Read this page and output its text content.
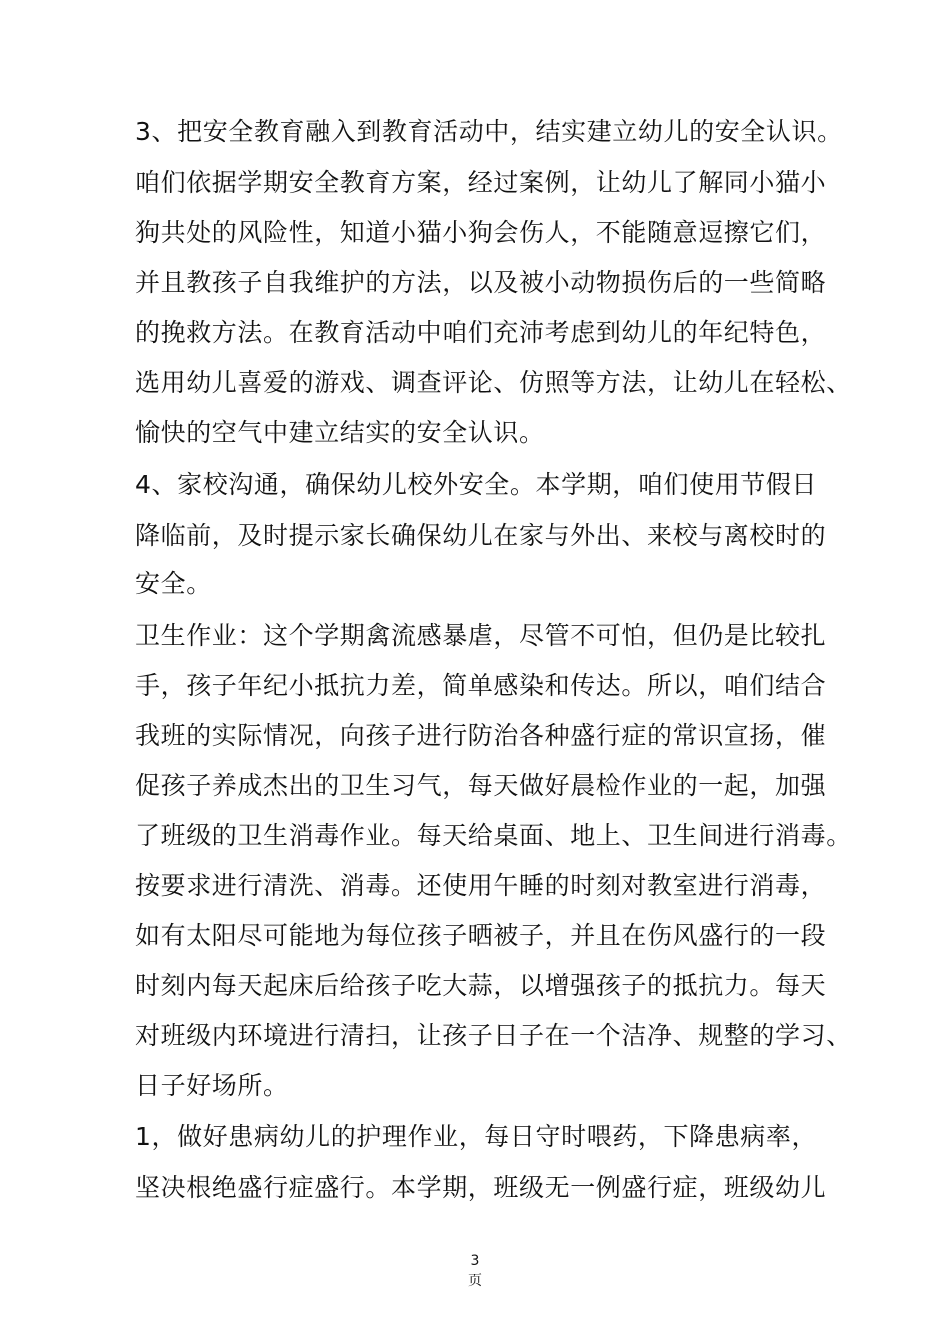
3、把安全教育融入到教育活动中，结实建立幼儿的安全认识。
咱们依据学期安全教育方案，经过案例，让幼儿了解同小猫小
狗共处的风险性，知道小猫小狗会伤人，不能随意逗擦它们，
并且教孩子自我维护的方法，以及被小动物损伤后的一些简略
的挽救方法。在教育活动中咱们充沛考虑到幼儿的年纪特色，
选用幼儿喜爱的游戏、调查评论、仿照等方法，让幼儿在轻松、
愉快的空气中建立结实的安全认识。
4、家校沟通，确保幼儿校外安全。本学期，咱们使用节假日
降临前，及时提示家长确保幼儿在家与外出、来校与离校时的
安全。
卫生作业：这个学期禽流感暴虐，尽管不可怕，但仍是比较扎
手，孩子年纪小抵抗力差，简单感染和传达。所以，咱们结合
我班的实际情况，向孩子进行防治各种盛行症的常识宣扬，催
促孩子养成杰出的卫生习气，每天做好晨检作业的一起，加强
了班级的卫生消毒作业。每天给桌面、地上、卫生间进行消毒。
按要求进行清洗、消毒。还使用午睡的时刻对教室进行消毒，
如有太阳尽可能地为每位孩子晒被子，并且在伤风盛行的一段
时刻内每天起床后给孩子吃大蒜，以增强孩子的抵抗力。每天
对班级内环境进行清扫，让孩子日子在一个洁净、规整的学习、
日子好场所。
1，做好患病幼儿的护理作业，每日守时喂药，下降患病率，
坚决根绝盛行症盛行。本学期，班级无一例盛行症，班级幼儿
3
页
